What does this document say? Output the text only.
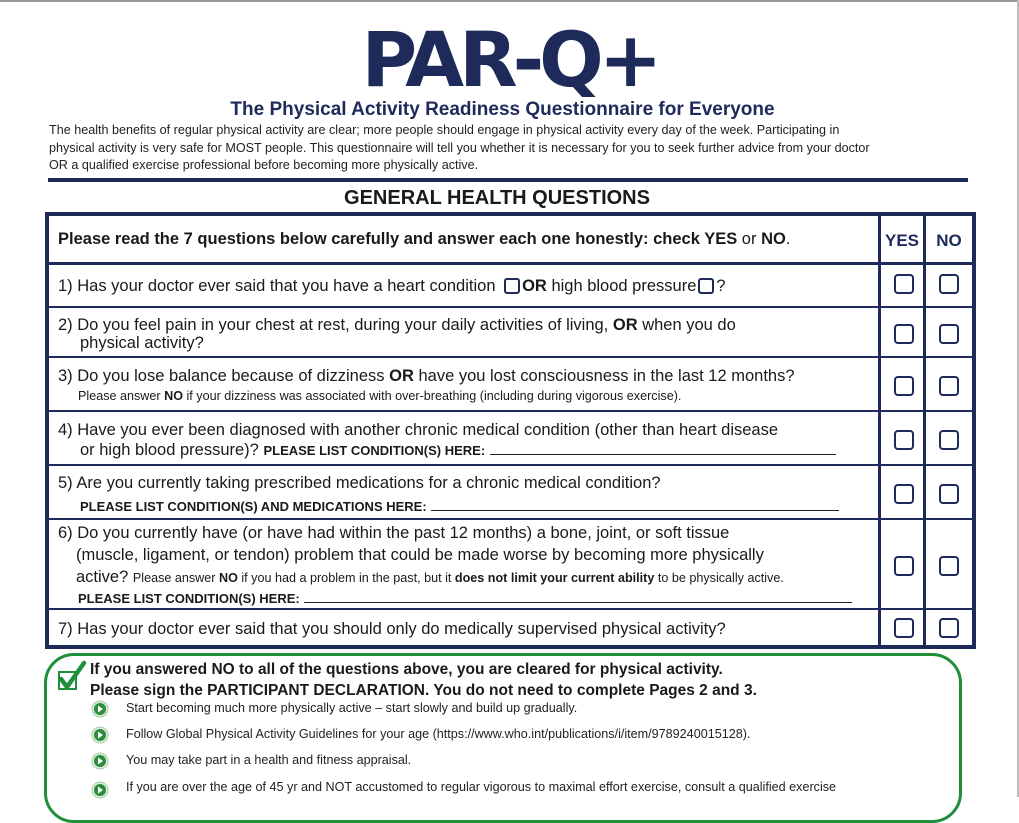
PAR-Q+
The Physical Activity Readiness Questionnaire for Everyone
The health benefits of regular physical activity are clear; more people should engage in physical activity every day of the week. Participating in
physical activity is very safe for MOST people. This questionnaire will tell you whether it is necessary for you to seek further advice from your doctor
OR a qualified exercise professional before becoming more physically active.
GENERAL HEALTH QUESTIONS
Please read the 7 questions below carefully and answer each one honestly: check YES or NO.	YES	NO
1) Has your doctor ever said that you have a heart condition OR high blood pressure ?
2) Do you feel pain in your chest at rest, during your daily activities of living, OR when you do
physical activity?
3) Do you lose balance because of dizziness OR have you lost consciousness in the last 12 months?
Please answer NO if your dizziness was associated with over-breathing (including during vigorous exercise).
4) Have you ever been diagnosed with another chronic medical condition (other than heart disease
or high blood pressure)? PLEASE LIST CONDITION(S) HERE:
5) Are you currently taking prescribed medications for a chronic medical condition?
PLEASE LIST CONDITION(S) AND MEDICATIONS HERE:
6) Do you currently have (or have had within the past 12 months) a bone, joint, or soft tissue
(muscle, ligament, or tendon) problem that could be made worse by becoming more physically
active? Please answer NO if you had a problem in the past, but it does not limit your current ability to be physically active.
PLEASE LIST CONDITION(S) HERE:
7) Has your doctor ever said that you should only do medically supervised physical activity?
If you answered NO to all of the questions above, you are cleared for physical activity.
Please sign the PARTICIPANT DECLARATION. You do not need to complete Pages 2 and 3.
Start becoming much more physically active – start slowly and build up gradually.
Follow Global Physical Activity Guidelines for your age (https://www.who.int/publications/i/item/9789240015128).
You may take part in a health and fitness appraisal.
If you are over the age of 45 yr and NOT accustomed to regular vigorous to maximal effort exercise, consult a qualified exercise
